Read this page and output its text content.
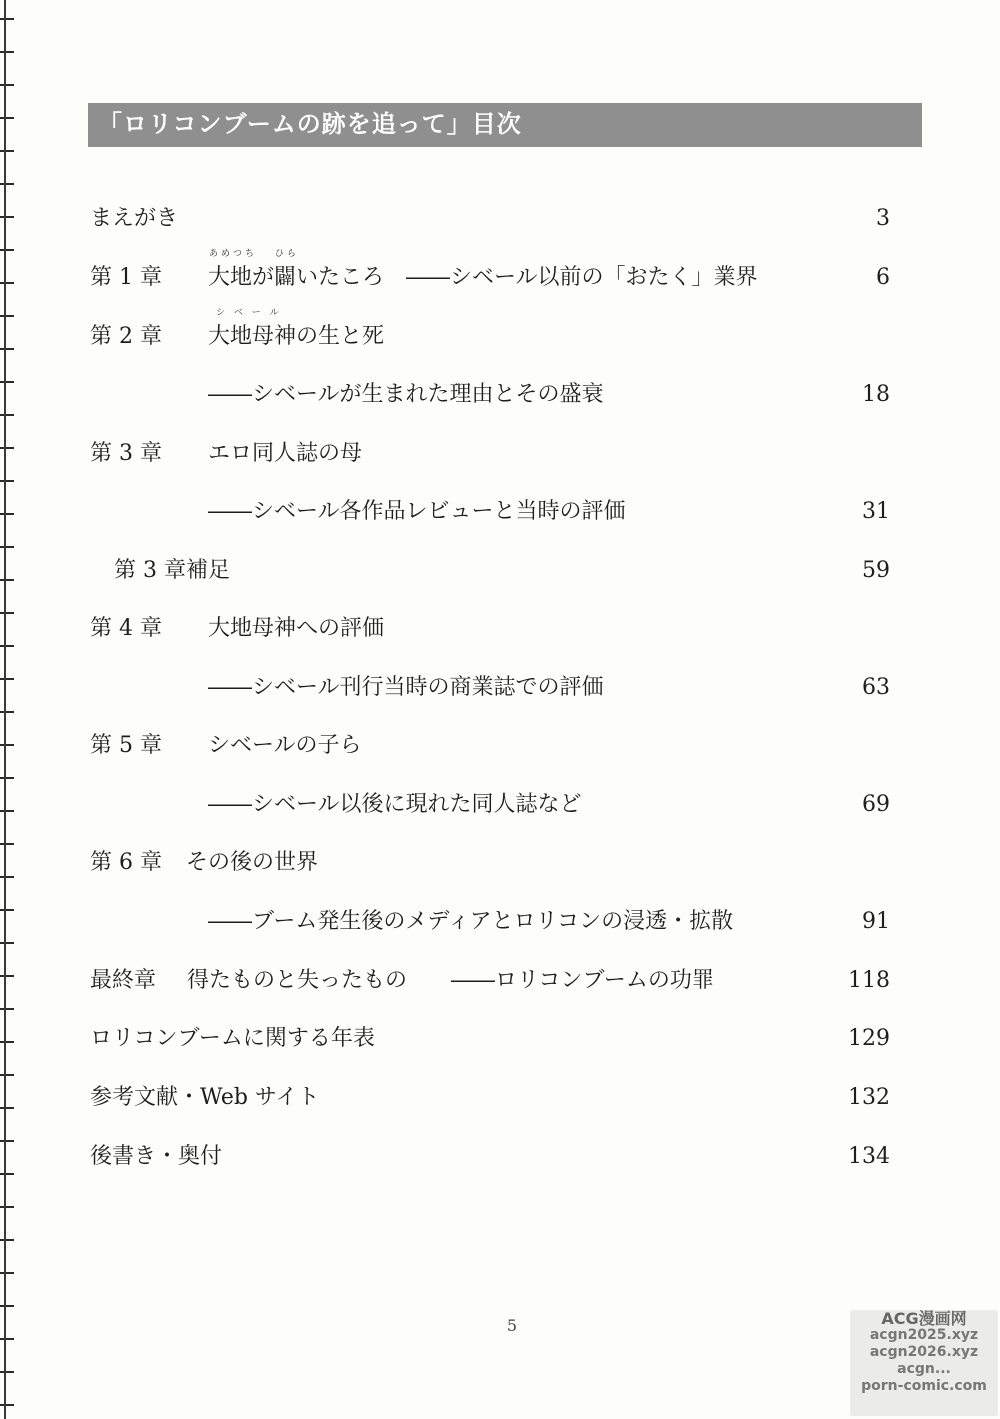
「ロリコンブームの跡を追って」目次
まえがき	3
あめつち　 ひら
第 1 章 大地が闢いたころ　――シベール以前の「おたく」業界	6
シ ベ ー ル
第 2 章 大地母神の生と死
――シベールが生まれた理由とその盛衰	18
第 3 章 エロ同人誌の母
――シベール各作品レビューと当時の評価	31
第 3 章補足	59
第 4 章 大地母神への評価
――シベール刊行当時の商業誌での評価	63
第 5 章 シベールの子ら
――シベール以後に現れた同人誌など	69
第 6 章 その後の世界
――ブーム発生後のメディアとロリコンの浸透・拡散	91
最終章 得たものと失ったもの　　――ロリコンブームの功罪	118
ロリコンブームに関する年表	129
参考文献・Web サイト	132
後書き・奥付	134
5	ACG漫画网
acgn2025.xyz
acgn2026.xyz
acgn...
porn-comic.com
